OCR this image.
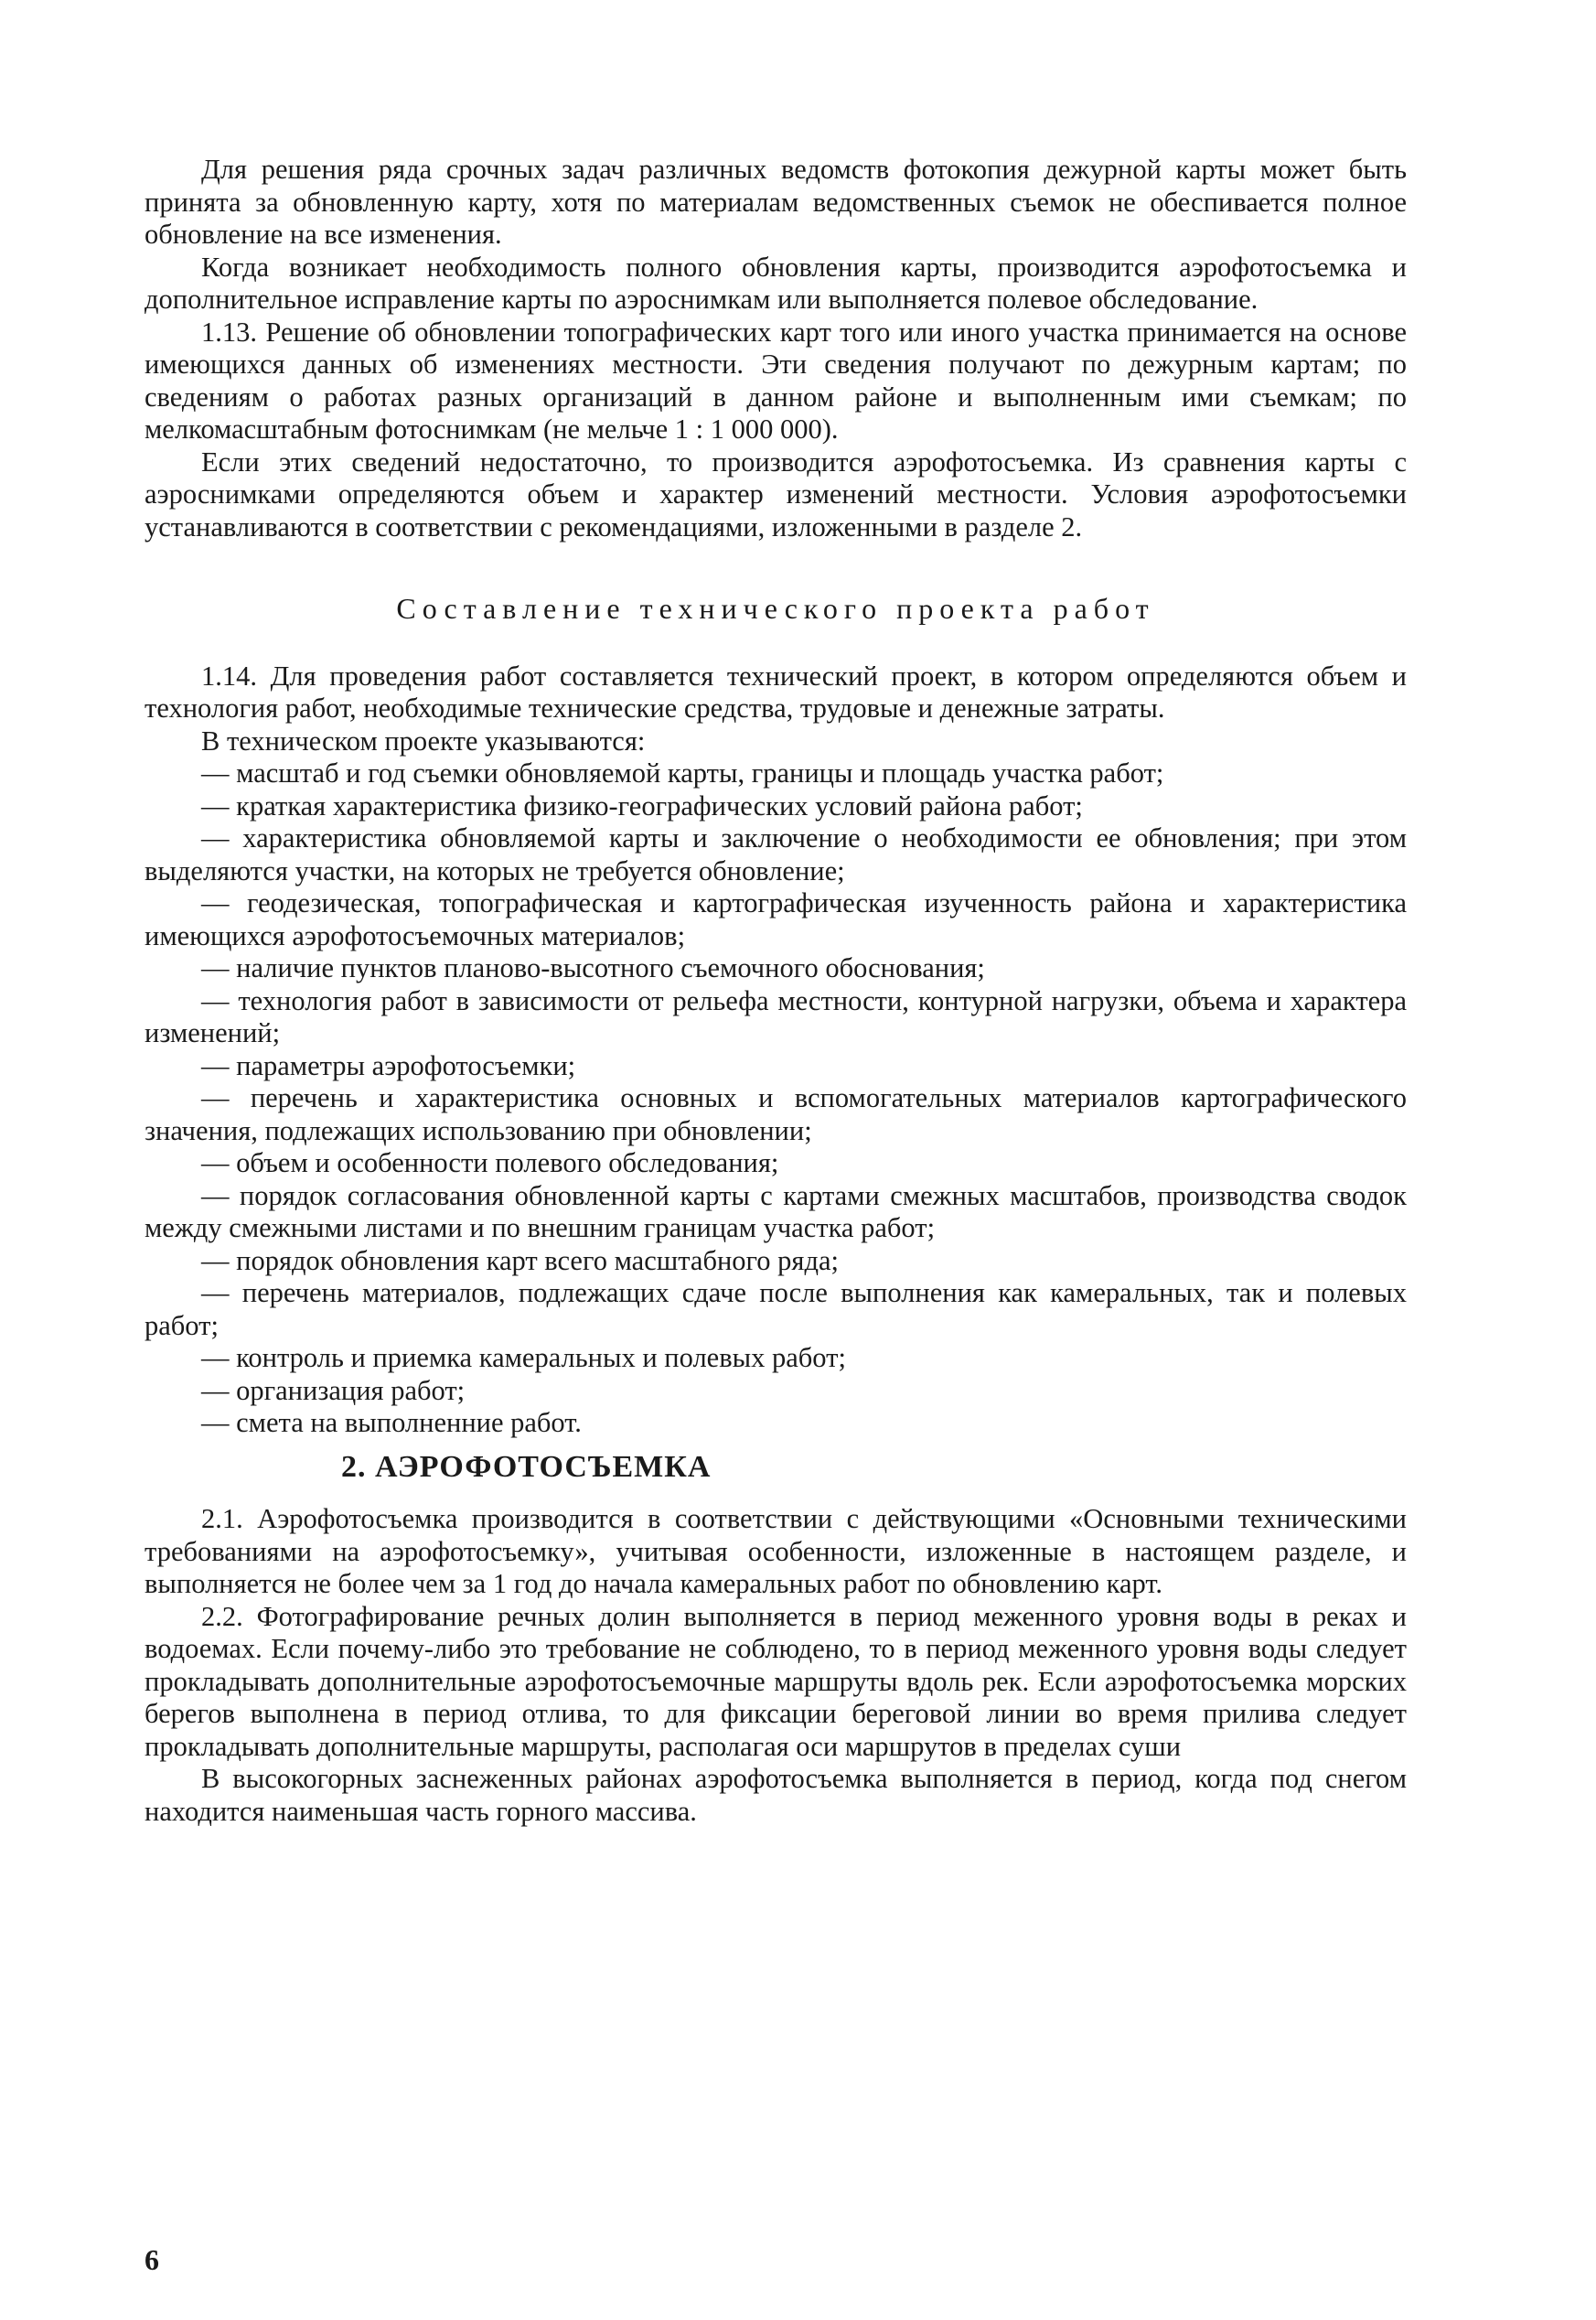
Для решения ряда срочных задач различных ведомств фотокопия дежурной карты может быть принята за обновленную карту, хотя по материалам ведомственных съемок не обеспивается полное обновление на все изменения.

Когда возникает необходимость полного обновления карты, производится аэрофотосъемка и дополнительное исправление карты по аэроснимкам или выполняется полевое обследование.

1.13. Решение об обновлении топографических карт того или иного участка принимается на основе имеющихся данных об изменениях местности. Эти сведения получают по дежурным картам; по сведениям о работах разных организаций в данном районе и выполненным ими съемкам; по мелкомасштабным фотоснимкам (не мельче 1 : 1 000 000).

Если этих сведений недостаточно, то производится аэрофотосъемка. Из сравнения карты с аэроснимками определяются объем и характер изменений местности. Условия аэрофотосъемки устанавливаются в соответствии с рекомендациями, изложенными в разделе 2.

Составление технического проекта работ

1.14. Для проведения работ составляется технический проект, в котором определяются объем и технология работ, необходимые технические средства, трудовые и денежные затраты.

В техническом проекте указываются:

— масштаб и год съемки обновляемой карты, границы и площадь участка работ;

— краткая характеристика физико-географических условий района работ;

— характеристика обновляемой карты и заключение о необходимости ее обновления; при этом выделяются участки, на которых не требуется обновление;

— геодезическая, топографическая и картографическая изученность района и характеристика имеющихся аэрофотосъемочных материалов;

— наличие пунктов планово-высотного съемочного обоснования;

— технология работ в зависимости от рельефа местности, контурной нагрузки, объема и характера изменений;

— параметры аэрофотосъемки;

— перечень и характеристика основных и вспомогательных материалов картографического значения, подлежащих использованию при обновлении;

— объем и особенности полевого обследования;

— порядок согласования обновленной карты с картами смежных масштабов, производства сводок между смежными листами и по внешним границам участка работ;

— порядок обновления карт всего масштабного ряда;

— перечень материалов, подлежащих сдаче после выполнения как камеральных, так и полевых работ;

— контроль и приемка камеральных и полевых работ;

— организация работ;

— смета на выполненние работ.

2. АЭРОФОТОСЪЕМКА

2.1. Аэрофотосъемка производится в соответствии с действующими «Основными техническими требованиями на аэрофотосъемку», учитывая особенности, изложенные в настоящем разделе, и выполняется не более чем за 1 год до начала камеральных работ по обновлению карт.

2.2. Фотографирование речных долин выполняется в период меженного уровня воды в реках и водоемах. Если почему-либо это требование не соблюдено, то в период меженного уровня воды следует прокладывать дополнительные аэрофотосъемочные маршруты вдоль рек. Если аэрофотосъемка морских берегов выполнена в период отлива, то для фиксации береговой линии во время прилива следует прокладывать дополнительные маршруты, располагая оси маршрутов в пределах суши

В высокогорных заснеженных районах аэрофотосъемка выполняется в период, когда под снегом находится наименьшая часть горного массива.

6
